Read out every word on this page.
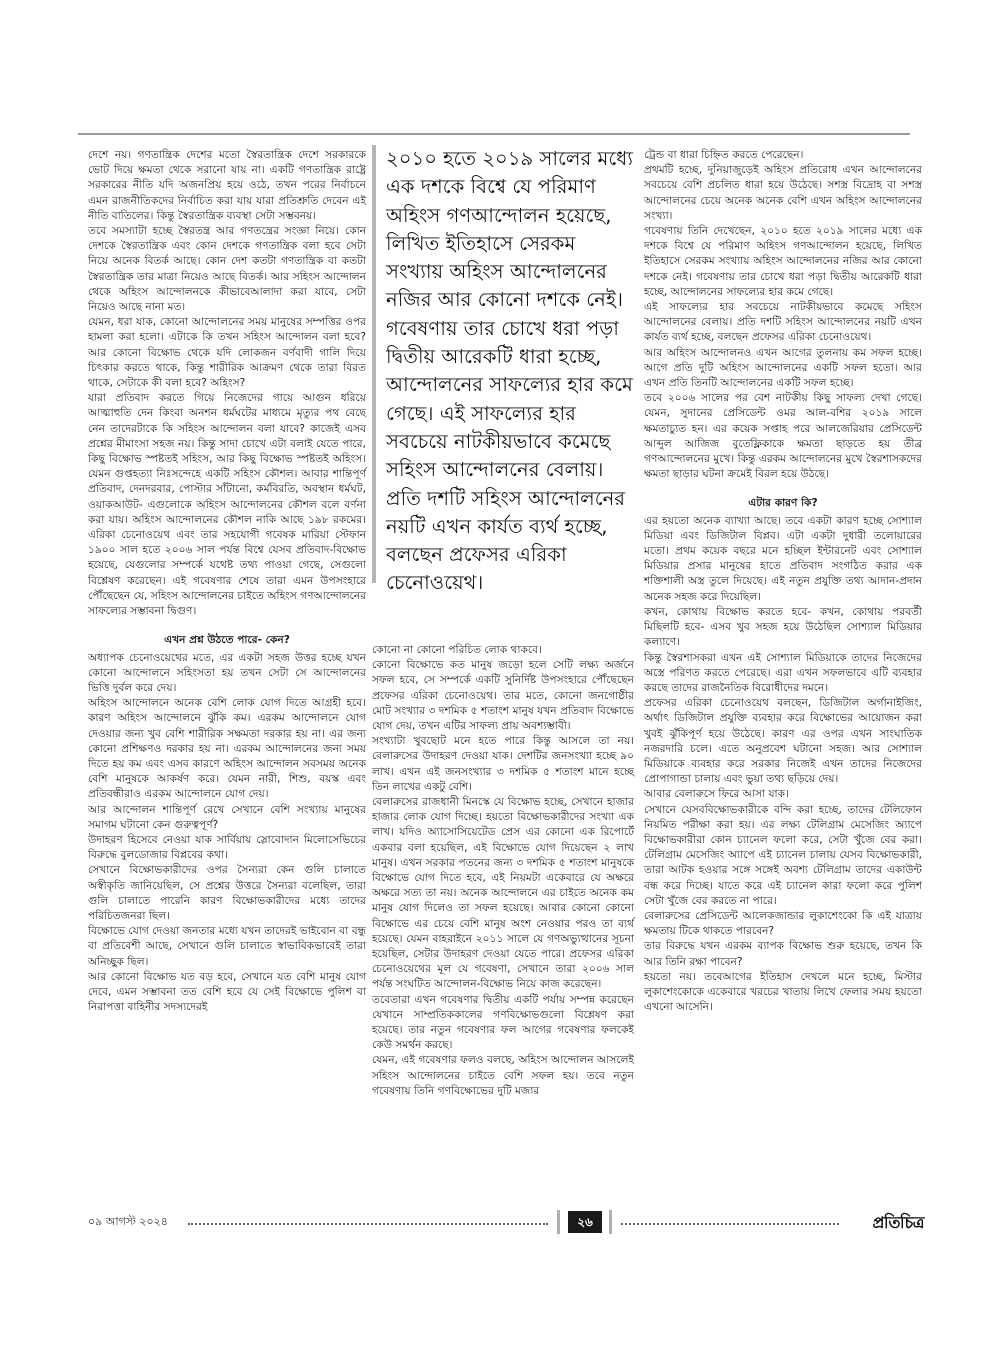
দেশে নয়। গণতান্ত্রিক দেশের মতো স্বৈরতান্ত্রিক দেশে সরকারকে ভোট দিয়ে ক্ষমতা থেকে সরানো যায় না। একটি গণতান্ত্রিক রাষ্ট্রে সরকারের নীতি যদি অজনপ্রিয় হয়ে ওঠে, তখন পরের নির্বাচনে এমন রাজনীতিকদের নির্বাচিত করা যায় যারা প্রতিশ্রুতি দেবেন এই নীতি বাতিলের। কিন্তু স্বৈরতান্ত্রিক ব্যবস্থা সেটা সম্ভবনয়।

তবে সমস্যাটা হচ্ছে স্বৈরতন্ত্র আর গণতন্ত্রের সংজ্ঞা নিয়ে। কোন দেশকে স্বৈরতান্ত্রিক এবং কোন দেশকে গণতান্ত্রিক বলা হবে সেটা নিয়ে অনেক বিতর্ক আছে। কোন দেশ কতটা গণতান্ত্রিক বা কতটা স্বৈরতান্ত্রিক তার মাত্রা নিয়েও আছে বিতর্ক। আর সহিংস আন্দোলন থেকে অহিংস আন্দোলনকে কীভাবেআলাদা করা যাবে, সেটা নিয়েও আছে নানা মত।

যেমন, ধরা যাক, কোনো আন্দোলনের সময় মানুষের সম্পত্তির ওপর হামলা করা হলো। এটাকে কি তখন সহিংস আন্দোলন বলা হবে? আর কোনো বিক্ষোভ থেকে যদি লোকজন বর্ণবাদী গালি দিয়ে চিৎকার করতে থাকে, কিন্তু শারীরিক আক্রমণ থেকে তারা বিরত থাকে, সেটাকে কী বলা হবে? অহিংস?

যারা প্রতিবাদ করতে গিয়ে নিজেদের গায়ে আগুন ধরিয়ে আত্মাহুতি দেন কিংবা অনশন ধর্মঘটের মাধ্যমে মৃত্যুর পথ বেছে নেন তাদেরটাকে কি সহিংস আন্দোলন বলা যাবে? কাজেই এসব প্রশ্নের মীমাংসা সহজ নয়। কিন্তু সাদা চোখে এটা বলাই যেতে পারে, কিছু বিক্ষোভ স্পষ্টতই সহিংস, আর কিছু বিক্ষোভ স্পষ্টতই অহিংস। যেমন গুপ্তহত্যা নিঃসন্দেহে একটি সহিংস কৌশল। আবার শান্তিপূর্ণ প্রতিবাদ, দেনদরবার, পোস্টার সাঁটানো, কর্মবিরতি, অবস্থান ধর্মঘট, ওয়াকআউট- এগুলোকে অহিংস আন্দোলনের কৌশল বলে বর্ণনা করা যায়। অহিংস আন্দোলনের কৌশল নাকি আছে ১৯৮ রকমের। এরিকা চেনোওয়েথ এবং তার সহযোগী গবেষক মারিয়া স্টেফান ১৯০০ সাল হতে ২০০৬ সাল পর্যন্ত বিশ্বে যেসব প্রতিবাদ-বিক্ষোভ হয়েছে, যেগুলোর সম্পর্কে যথেষ্ট তথ্য পাওয়া গেছে, সেগুলো বিশ্লেষণ করেছেন। এই গবেষণার শেষে তারা এমন উপসংহারে পৌঁছেছেন যে, সহিংস আন্দোলনের চাইতে অহিংস গণআন্দোলনের সাফল্যের সম্ভাবনা দ্বিগুণ।

এখন প্রশ্ন উঠতে পারে- কেন?

অধ্যাপক চেনোওয়েথের মতে, এর একটা সহজ উত্তর হচ্ছে যখন কোনো আন্দোলনে সহিংসতা হয় তখন সেটা সে আন্দোলনের ভিত্তি দুর্বল করে দেয়।

অহিংস আন্দোলনে অনেক বেশি লোক যোগ দিতে আগ্রহী হবে। কারণ অহিংস আন্দোলনে ঝুঁকি কম। এরকম আন্দোলনে যোগ দেওয়ার জন্য খুব বেশি শারীরিক সক্ষমতা দরকার হয় না। এর জন্য কোনো প্রশিক্ষণও দরকার হয় না। এরকম আন্দোলনের জন্য সময় দিতে হয় কম এবং এসব কারণে অহিংস আন্দোলন সবসময় অনেক বেশি মানুষকে আকর্ষণ করে। যেমন নারী, শিশু, বয়স্ক এবং প্রতিবন্ধীরাও এরকম আন্দোলনে যোগ দেয়।

আর আন্দোলন শান্তিপূর্ণ রেখে সেখানে বেশি সংখ্যায় মানুষের সমাগম ঘটানো কেন গুরুত্বপূর্ণ?

উদাহরণ হিসেবে নেওয়া যাক সার্বিয়ায় স্লোবোদান মিলোসেভিচের বিরুদ্ধে বুলডোজার বিপ্লবের কথা।

সেখানে বিক্ষোভকারীদের ওপর সৈন্যরা কেন গুলি চালাতে অস্বীকৃতি জানিয়েছিল, সে প্রশ্নের উত্তরে সৈন্যরা বলেছিল, তারা গুলি চালাতে পারেনি কারণ বিক্ষোভকারীদের মধ্যে তাদের পরিচিতজনরা ছিল।

বিক্ষোভে যোগ দেওয়া জনতার মধ্যে যখন তাদেরই ভাইবোন বা বন্ধু বা প্রতিবেশী আছে, সেখানে গুলি চালাতে স্বাভাবিকভাবেই তারা অনিচ্ছুক ছিল।

আর কোনো বিক্ষোভ যত বড় হবে, সেখানে যত বেশি মানুষ যোগ দেবে, এমন সম্ভাবনা তত বেশি হবে যে সেই বিক্ষোভে পুলিশ বা নিরাপত্তা বাহিনীর সদস্যদেরই

২০১০ হতে ২০১৯ সালের মধ্যে এক দশকে বিশ্বে যে পরিমাণ অহিংস গণআন্দোলন হয়েছে, লিখিত ইতিহাসে সেরকম সংখ্যায় অহিংস আন্দোলনের নজির আর কোনো দশকে নেই। গবেষণায় তার চোখে ধরা পড়া দ্বিতীয় আরেকটি ধারা হচ্ছে, আন্দোলনের সাফল্যের হার কমে গেছে। এই সাফল্যের হার সবচেয়ে নাটকীয়ভাবে কমেছে সহিংস আন্দোলনের বেলায়। প্রতি দশটি সহিংস আন্দোলনের নয়টি এখন কার্যত ব্যর্থ হচ্ছে, বলছেন প্রফেসর এরিকা চেনোওয়েথ।

কোনো না কোনো পরিচিত লোক থাকবে।

কোনো বিক্ষোভে কত মানুষ জড়ো হলে সেটি লক্ষ্য অর্জনে সফল হবে, সে সম্পর্কে একটি সুনির্দিষ্ট উপসংহারে পৌঁছেছেন প্রফেসর এরিকা চেনোওয়েথ। তার মতে, কোনো জনগোষ্ঠীর মোট সংখ্যার ৩ দশমিক ৫ শতাংশ মানুষ যখন প্রতিবাদ বিক্ষোভে যোগ দেয়, তখন এটির সাফল্য প্রায় অবশ্যম্ভাবী।

সংখ্যাটা খুবছোট মনে হতে পারে কিন্তু আসলে তা নয়। বেলারুসের উদাহরণ দেওয়া যাক। দেশটির জনসংখ্যা হচ্ছে ৯০ লাখ। এখন এই জনসংখ্যার ৩ দশমিক ৫ শতাংশ মানে হচ্ছে তিন লাখের একটু বেশি।

বেলারুসের রাজধানী মিনস্কে যে বিক্ষোভ হচ্ছে, সেখানে হাজার হাজার লোক যোগ দিচ্ছে। হয়তো বিক্ষোভকারীদের সংখ্যা এক লাখ। যদিও অ্যাসোসিয়েটেড প্রেস এর কোনো এক রিপোর্টে একবার বলা হয়েছিল, এই বিক্ষোভে যোগ দিয়েছেন ২ লাখ মানুষ। এখন সরকার পতনের জন্য ৩ দশমিক ৫ শতাংশ মানুষকে বিক্ষোভে যোগ দিতে হবে, এই নিয়মটা একেবারে যে অক্ষরে অক্ষরে সত্য তা নয়। অনেক আন্দোলনে এর চাইতে অনেক কম মানুষ যোগ দিলেও তা সফল হয়েছে। আবার কোনো কোনো বিক্ষোভে এর চেয়ে বেশি মানুষ অংশ নেওয়ার পরও তা ব্যর্থ হয়েছে। যেমন বাহরাইনে ২০১১ সালে যে গণঅভ্যুত্থানের সূচনা হয়েছিল, সেটার উদাহরণ দেওয়া যেতে পারে। প্রফেসর এরিকা চেনোওয়েথের মূল যে গবেষণা, সেখানে তারা ২০০৬ সাল পর্যন্ত সংঘটিত আন্দোলন-বিক্ষোভ নিয়ে কাজ করেছেন।

তবেতারা এখন গবেষণার দ্বিতীয় একটি পর্যায় সম্পন্ন করেছেন যেখানে সাম্প্রতিককালের গণবিক্ষোভগুলো বিশ্লেষণ করা হয়েছে। তার নতুন গবেষণার ফল আগের গবেষণার ফলকেই কেউ সমর্থন করছে।

যেমন, এই গবেষণার ফলও বলছে, অহিংস আন্দোলন আসলেই সহিংস আন্দোলনের চাইতে বেশি সফল হয়। তবে নতুন গবেষণায় তিনি গণবিক্ষোভের দুটি মজার

ট্রেন্ড বা ধারা চিহ্নিত করতে পেরেছেন।

প্রথমটি হচ্ছে, দুনিয়াজুড়েই অহিংস প্রতিরোধ এখন আন্দোলনের সবচেয়ে বেশি প্রচলিত ধারা হয়ে উঠেছে। সশস্ত্র বিদ্রোহ বা সশস্ত্র আন্দোলনের চেয়ে অনেক অনেক বেশি এখন অহিংস আন্দোলনের সংখ্যা।

গবেষণায় তিনি দেখেছেন, ২০১০ হতে ২০১৯ সালের মধ্যে এক দশকে বিশ্বে যে পরিমাণ অহিংস গণআন্দোলন হয়েছে, লিখিত ইতিহাসে সেরকম সংখ্যায় অহিংস আন্দোলনের নজির আর কোনো দশকে নেই। গবেষণায় তার চোখে ধরা পড়া দ্বিতীয় আরেকটি ধারা হচ্ছে, আন্দোলনের সাফল্যের হার কমে গেছে।

এই সাফল্যের হার সবচেয়ে নাটকীয়ভাবে কমেছে সহিংস আন্দোলনের বেলায়। প্রতি দশটি সহিংস আন্দোলনের নয়টি এখন কার্যত ব্যর্থ হচ্ছে, বলছেন প্রফেসর এরিকা চেনোওয়েথ।

আর অহিংস আন্দোলনও এখন আগের তুলনায় কম সফল হচ্ছে। আগে প্রতি দুটি অহিংস আন্দোলনের একটি সফল হতো। আর এখন প্রতি তিনটি আন্দোলনের একটি সফল হচ্ছে।

তবে ২০০৬ সালের পর বেশ নাটকীয় কিছু সাফল্য দেখা গেছে। যেমন, সুদানের প্রেসিডেন্ট ওমর আল-বশির ২০১৯ সালে ক্ষমতাচ্যুত হন। এর কয়েক সপ্তাহ পরে আলজেরিয়ার প্রেসিডেন্ট আব্দুল আজিজ বুতেফ্লিকাকে ক্ষমতা ছাড়তে হয় তীব্র গণআন্দোলনের মুখে। কিন্তু এরকম আন্দোলনের মুখে স্বৈরশাসকদের ক্ষমতা ছাড়ার ঘটনা ক্রমেই বিরল হয়ে উঠছে।

এটার কারণ কি?

এর হয়তো অনেক ব্যাখ্যা আছে। তবে একটা কারণ হচ্ছে সোশ্যাল মিডিয়া এবং ডিজিটাল বিপ্লব। এটা একটা দুধারী তলোয়ারের মতো। প্রথম কয়েক বছরে মনে হচ্ছিল ইন্টারনেট এবং সোশ্যাল মিডিয়ার প্রসার মানুষের হাতে প্রতিবাদ সংগঠিত করার এক শক্তিশালী অস্ত্র তুলে দিয়েছে। এই নতুন প্রযুক্তি তথ্য আদান-প্রদান অনেক সহজ করে দিয়েছিল।

কখন, কোথায় বিক্ষোভ করতে হবে- কখন, কোথায় পরবর্তী মিছিলটি হবে- এসব খুব সহজ হয়ে উঠেছিল সোশ্যাল মিডিয়ার কল্যাণে।

কিন্তু স্বৈরশাসকরা এখন এই সোশ্যাল মিডিয়াকে তাদের নিজেদের অস্ত্রে পরিণত করতে পেরেছে। এরা এখন সফলভাবে এটি ব্যবহার করছে তাদের রাজনৈতিক বিরোধীদের দমনে।

প্রফেসর এরিকা চেনোওয়েথ বলছেন, ডিজিটাল অর্গানাইজিং, অর্থাৎ ডিজিটাল প্রযুক্তি ব্যবহার করে বিক্ষোভের আয়োজন করা খুবই ঝুঁকিপূর্ণ হয়ে উঠেছে। কারণ এর ওপর এখন সাংঘাতিক নজরদারি চলে। এতে অনুপ্রবেশ ঘটানো সহজ। আর সোশ্যাল মিডিয়াকে ব্যবহার করে সরকার নিজেই এখন তাদের নিজেদের প্রোপাগান্ডা চালায় এবং ভুয়া তথ্য ছড়িয়ে দেয়।

আবার বেলারুসে ফিরে আসা যাক।

সেখানে যেসববিক্ষোভকারীকে বন্দি করা হচ্ছে, তাদের টেলিফোন নিয়মিত পরীক্ষা করা হয়। এর লক্ষ্য টেলিগ্রাম মেসেজিং অ্যাপে বিক্ষোভকারীরা কোন চ্যানেল ফলো করে, সেটা খুঁজে বের করা। টেলিগ্রাম মেসেজিং অ্যাপে এই চ্যানেল চালায় যেসব বিক্ষোভকারী, তারা আটক হওয়ার সঙ্গে সঙ্গেই অবশ্য টেলিগ্রাম তাদের একাউন্ট বন্ধ করে দিচ্ছে। যাতে করে এই চ্যানেল কারা ফলো করে পুলিশ সেটা খুঁজে বের করতে না পারে।

বেলারুসের প্রেসিডেন্ট আলেকজান্ডার লুকাশেংকো কি এই যাত্রায় ক্ষমতায় টিকে থাকতে পারবেন?

তার বিরুদ্ধে যখন এরকম ব্যাপক বিক্ষোভ শুরু হয়েছে, তখন কি আর তিনি রক্ষা পাবেন?

হয়তো নয়। তবেআগের ইতিহাস দেখলে মনে হচ্ছে, মিস্টার লুকাশেংকোকে একেবারে খরচের খাতায় লিখে ফেলার সময় হয়তো এখনো আসেনি।

০৯ আগস্ট ২০২৪	২৬	প্রতিচিত্র
